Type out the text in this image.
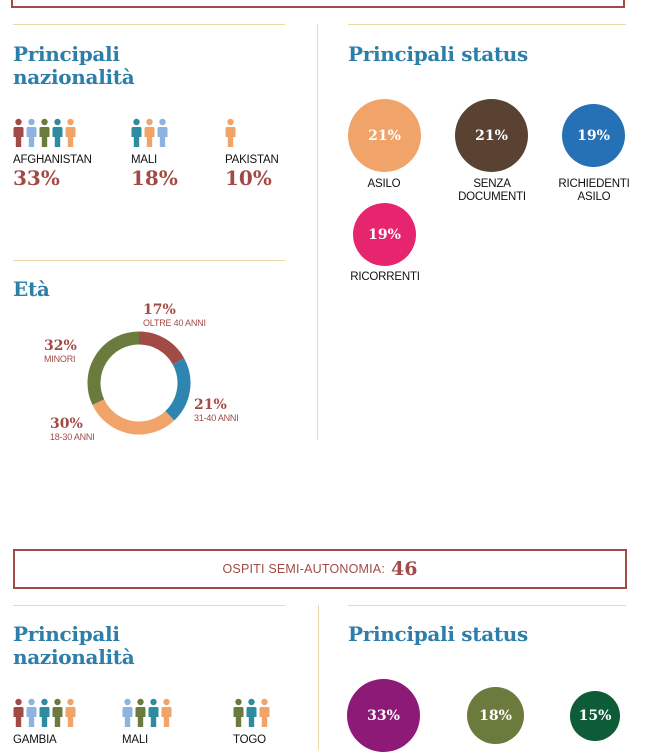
Principali
nazionalità
AFGHANISTAN
33%
MALI
18%
PAKISTAN
10%
Principali status
21%
ASILO
21%
SENZA
DOCUMENTI
19%
RICHIEDENTI
ASILO
19%
RICORRENTI
Età
17%
OLTRE 40 ANNI
21%
31-40 ANNI
30%
18-30 ANNI
32%
MINORI
OSPITI SEMI-AUTONOMIA: 46
Principali
nazionalità
GAMBIA	MALI	TOGO
Principali status
33%	18%	15%
